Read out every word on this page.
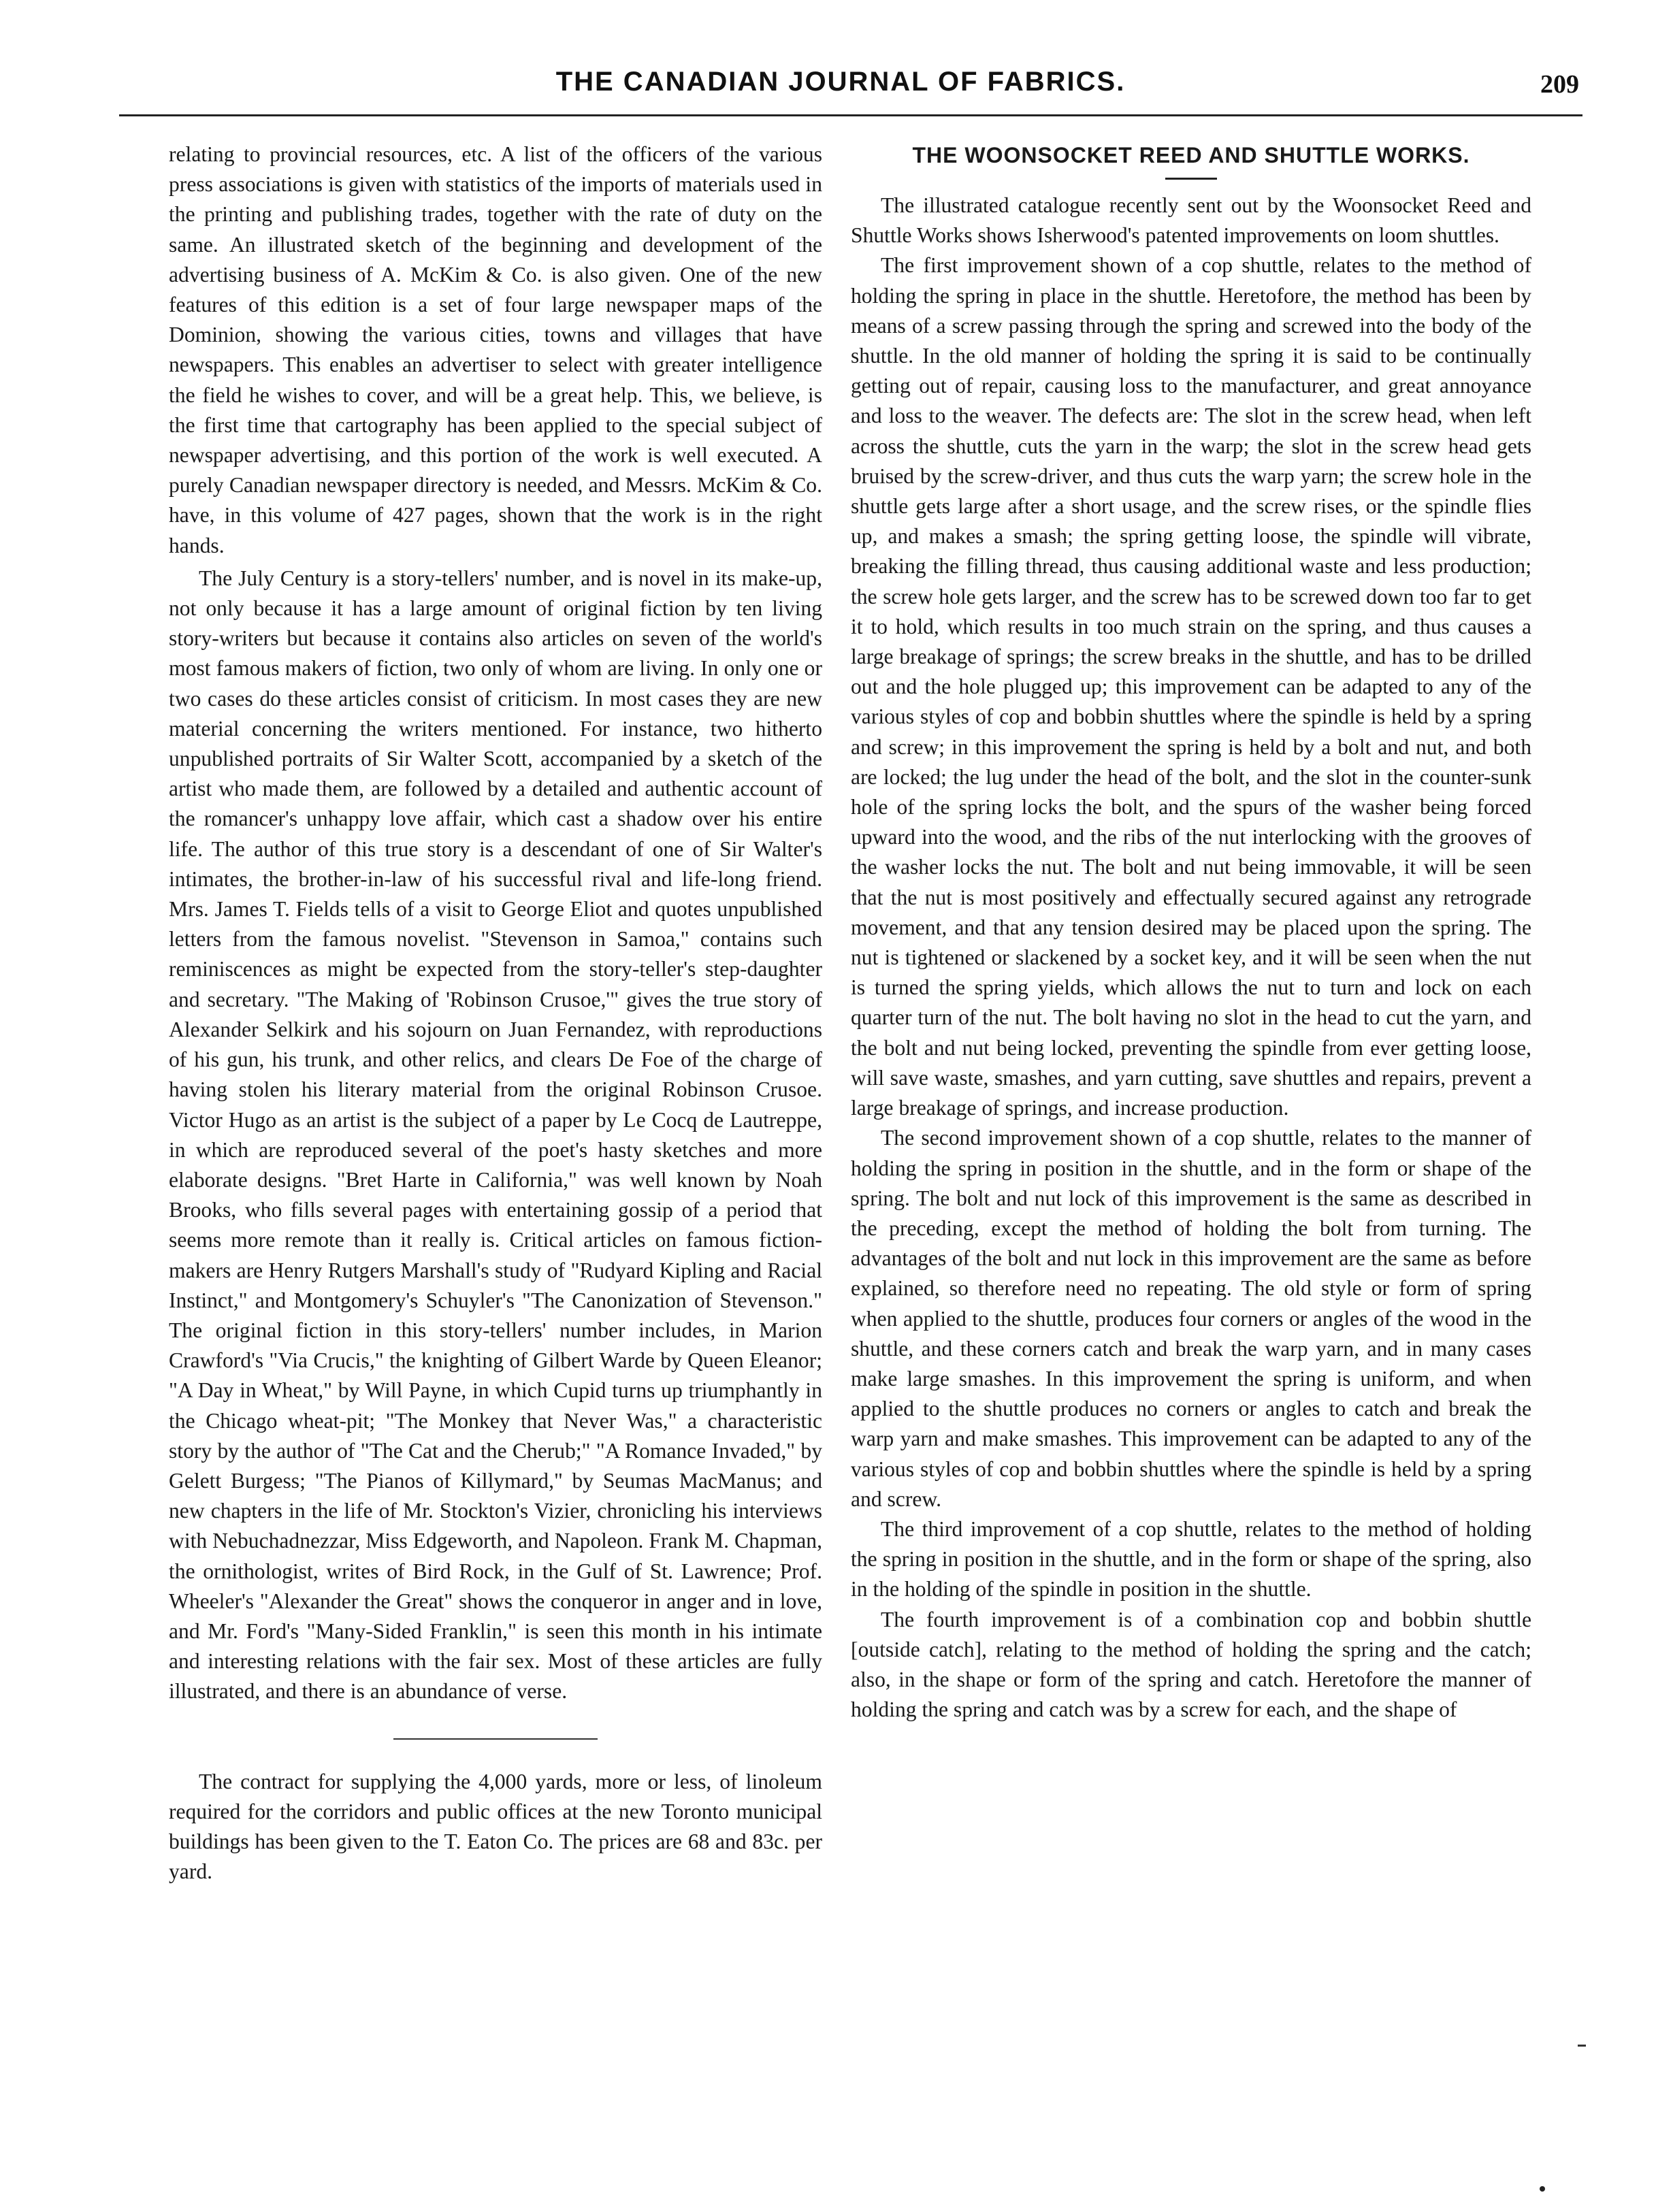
THE CANADIAN JOURNAL OF FABRICS.	209

relating to provincial resources, etc. A list of the officers of the various press associations is given with statistics of the imports of materials used in the printing and publishing trades, together with the rate of duty on the same. An illustrated sketch of the beginning and development of the advertising business of A. McKim & Co. is also given. One of the new features of this edition is a set of four large newspaper maps of the Dominion, showing the various cities, towns and villages that have newspapers. This enables an advertiser to select with greater intelligence the field he wishes to cover, and will be a great help. This, we believe, is the first time that cartography has been applied to the special subject of newspaper advertising, and this portion of the work is well executed. A purely Canadian newspaper directory is needed, and Messrs. McKim & Co. have, in this volume of 427 pages, shown that the work is in the right hands.

The July Century is a story-tellers' number, and is novel in its make-up, not only because it has a large amount of original fiction by ten living story-writers but because it contains also articles on seven of the world's most famous makers of fiction, two only of whom are living. In only one or two cases do these articles consist of criticism. In most cases they are new material concerning the writers mentioned. For instance, two hitherto unpublished portraits of Sir Walter Scott, accompanied by a sketch of the artist who made them, are followed by a detailed and authentic account of the romancer's unhappy love affair, which cast a shadow over his entire life. The author of this true story is a descendant of one of Sir Walter's intimates, the brother-in-law of his successful rival and life-long friend. Mrs. James T. Fields tells of a visit to George Eliot and quotes unpublished letters from the famous novelist. "Stevenson in Samoa," contains such reminiscences as might be expected from the story-teller's step-daughter and secretary. "The Making of 'Robinson Crusoe,'" gives the true story of Alexander Selkirk and his sojourn on Juan Fernandez, with reproductions of his gun, his trunk, and other relics, and clears De Foe of the charge of having stolen his literary material from the original Robinson Crusoe. Victor Hugo as an artist is the subject of a paper by Le Cocq de Lautreppe, in which are reproduced several of the poet's hasty sketches and more elaborate designs. "Bret Harte in California," was well known by Noah Brooks, who fills several pages with entertaining gossip of a period that seems more remote than it really is. Critical articles on famous fiction-makers are Henry Rutgers Marshall's study of "Rudyard Kipling and Racial Instinct," and Montgomery's Schuyler's "The Canonization of Stevenson." The original fiction in this story-tellers' number includes, in Marion Crawford's "Via Crucis," the knighting of Gilbert Warde by Queen Eleanor; "A Day in Wheat," by Will Payne, in which Cupid turns up triumphantly in the Chicago wheat-pit; "The Monkey that Never Was," a characteristic story by the author of "The Cat and the Cherub;" "A Romance Invaded," by Gelett Burgess; "The Pianos of Killymard," by Seumas MacManus; and new chapters in the life of Mr. Stockton's Vizier, chronicling his interviews with Nebuchadnezzar, Miss Edgeworth, and Napoleon. Frank M. Chapman, the ornithologist, writes of Bird Rock, in the Gulf of St. Lawrence; Prof. Wheeler's "Alexander the Great" shows the conqueror in anger and in love, and Mr. Ford's "Many-Sided Franklin," is seen this month in his intimate and interesting relations with the fair sex. Most of these articles are fully illustrated, and there is an abundance of verse.

The contract for supplying the 4,000 yards, more or less, of linoleum required for the corridors and public offices at the new Toronto municipal buildings has been given to the T. Eaton Co. The prices are 68 and 83c. per yard.

THE WOONSOCKET REED AND SHUTTLE WORKS.

The illustrated catalogue recently sent out by the Woonsocket Reed and Shuttle Works shows Isherwood's patented improvements on loom shuttles.

The first improvement shown of a cop shuttle, relates to the method of holding the spring in place in the shuttle. Heretofore, the method has been by means of a screw passing through the spring and screwed into the body of the shuttle. In the old manner of holding the spring it is said to be continually getting out of repair, causing loss to the manufacturer, and great annoyance and loss to the weaver. The defects are: The slot in the screw head, when left across the shuttle, cuts the yarn in the warp; the slot in the screw head gets bruised by the screw-driver, and thus cuts the warp yarn; the screw hole in the shuttle gets large after a short usage, and the screw rises, or the spindle flies up, and makes a smash; the spring getting loose, the spindle will vibrate, breaking the filling thread, thus causing additional waste and less production; the screw hole gets larger, and the screw has to be screwed down too far to get it to hold, which results in too much strain on the spring, and thus causes a large breakage of springs; the screw breaks in the shuttle, and has to be drilled out and the hole plugged up; this improvement can be adapted to any of the various styles of cop and bobbin shuttles where the spindle is held by a spring and screw; in this improvement the spring is held by a bolt and nut, and both are locked; the lug under the head of the bolt, and the slot in the counter-sunk hole of the spring locks the bolt, and the spurs of the washer being forced upward into the wood, and the ribs of the nut interlocking with the grooves of the washer locks the nut. The bolt and nut being immovable, it will be seen that the nut is most positively and effectually secured against any retrograde movement, and that any tension desired may be placed upon the spring. The nut is tightened or slackened by a socket key, and it will be seen when the nut is turned the spring yields, which allows the nut to turn and lock on each quarter turn of the nut. The bolt having no slot in the head to cut the yarn, and the bolt and nut being locked, preventing the spindle from ever getting loose, will save waste, smashes, and yarn cutting, save shuttles and repairs, prevent a large breakage of springs, and increase production.

The second improvement shown of a cop shuttle, relates to the manner of holding the spring in position in the shuttle, and in the form or shape of the spring. The bolt and nut lock of this improvement is the same as described in the preceding, except the method of holding the bolt from turning. The advantages of the bolt and nut lock in this improvement are the same as before explained, so therefore need no repeating. The old style or form of spring when applied to the shuttle, produces four corners or angles of the wood in the shuttle, and these corners catch and break the warp yarn, and in many cases make large smashes. In this improvement the spring is uniform, and when applied to the shuttle produces no corners or angles to catch and break the warp yarn and make smashes. This improvement can be adapted to any of the various styles of cop and bobbin shuttles where the spindle is held by a spring and screw.

The third improvement of a cop shuttle, relates to the method of holding the spring in position in the shuttle, and in the form or shape of the spring, also in the holding of the spindle in position in the shuttle.

The fourth improvement is of a combination cop and bobbin shuttle [outside catch], relating to the method of holding the spring and the catch; also, in the shape or form of the spring and catch. Heretofore the manner of holding the spring and catch was by a screw for each, and the shape of
